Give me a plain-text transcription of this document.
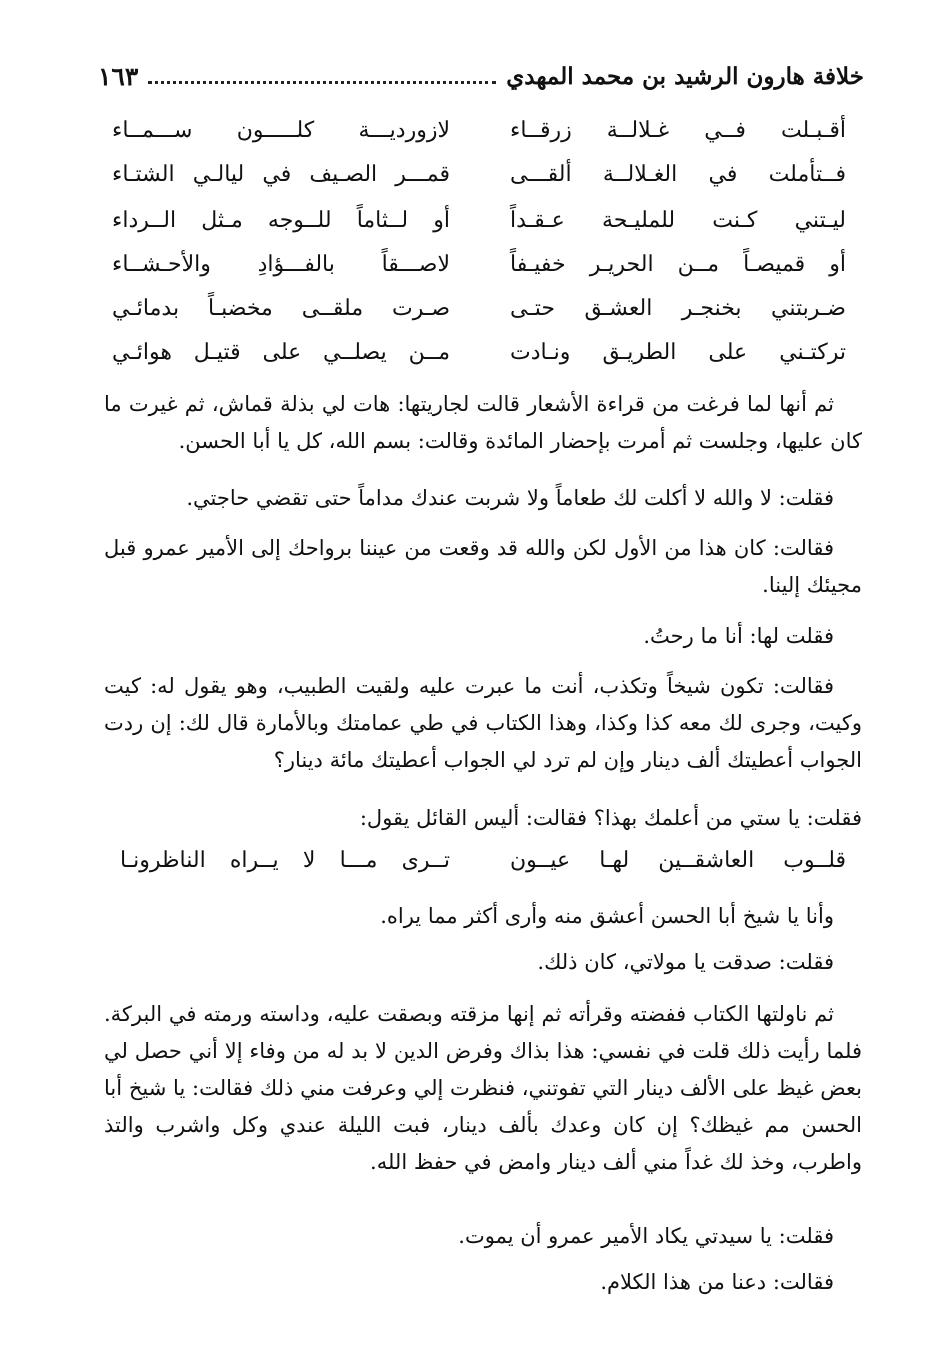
خلافة هارون الرشيد بن محمد المهدي
١٦٣
أقـبـلت فــي غـلالــة زرقــاء
لازورديـــة كلـــــون ســـمــاء
فــتأملت في الغـلالــة ألقـــى
قمـــر الصـيف في ليالـي الشتـاء
ليـتني كـنت للمليـحة عـقـداً
أو لــثاماً للــوجه مـثل الــرداء
أو قميصـاً مــن الحريـر خفيـفاً
لاصـــقاً بالفـــؤادِ والأحـشــاء
ضـربتني بخنجـر العشـق حتـى
صـرت ملقــى مخضبـاً بدمائـي
تركتـني على الطريـق ونـادت
مــن يصلــي على قتيـل هوائـي
ثم أنها لما فرغت من قراءة الأشعار قالت لجاريتها: هات لي بذلة قماش، ثم غيرت ما كان عليها، وجلست ثم أمرت بإحضار المائدة وقالت: بسم الله، كل يا أبا الحسن.
فقلت: لا والله لا أكلت لك طعاماً ولا شربت عندك مداماً حتى تقضي حاجتي.
فقالت: كان هذا من الأول لكن والله قد وقعت من عيننا برواحك إلى الأمير عمرو قبل مجيئك إلينا.
فقلت لها: أنا ما رحتُ.
فقالت: تكون شيخاً وتكذب، أنت ما عبرت عليه ولقيت الطبيب، وهو يقول له: كيت وكيت، وجرى لك معه كذا وكذا، وهذا الكتاب في طي عمامتك وبالأمارة قال لك: إن ردت الجواب أعطيتك ألف دينار وإن لم ترد لي الجواب أعطيتك مائة دينار؟
فقلت: يا ستي من أعلمك بهذا؟ فقالت: أليس القائل يقول:
قلــوب العاشقــين لهـا عيــون
تــرى مـــا لا يــراه الناظرونـا
وأنا يا شيخ أبا الحسن أعشق منه وأرى أكثر مما يراه.
فقلت: صدقت يا مولاتي، كان ذلك.
ثم ناولتها الكتاب ففضته وقرأته ثم إنها مزقته وبصقت عليه، وداسته ورمته في البركة. فلما رأيت ذلك قلت في نفسي: هذا بذاك وفرض الدين لا بد له من وفاء إلا أني حصل لي بعض غيظ على الألف دينار التي تفوتني، فنظرت إلي وعرفت مني ذلك فقالت: يا شيخ أبا الحسن مم غيظك؟ إن كان وعدك بألف دينار، فبت الليلة عندي وكل واشرب والتذ واطرب، وخذ لك غداً مني ألف دينار وامض في حفظ الله.
فقلت: يا سيدتي يكاد الأمير عمرو أن يموت.
فقالت: دعنا من هذا الكلام.
